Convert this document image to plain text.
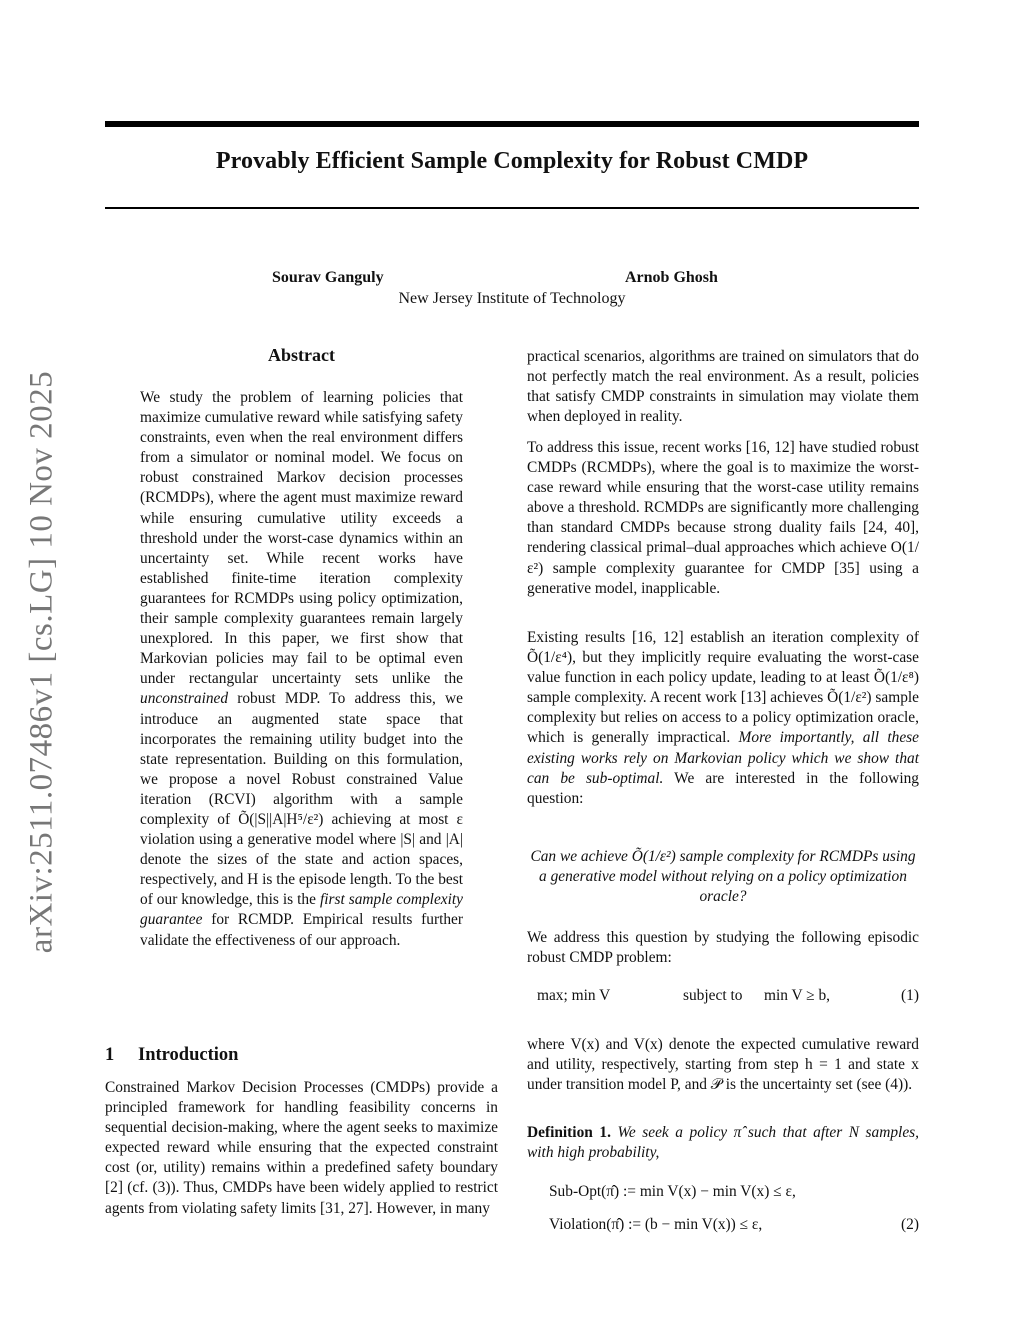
Provably Efficient Sample Complexity for Robust CMDP
Sourav Ganguly	Arnob Ghosh
New Jersey Institute of Technology
arXiv:2511.07486v1 [cs.LG] 10 Nov 2025
Abstract
We study the problem of learning policies that maximize cumulative reward while satisfying safety constraints, even when the real environment differs from a simulator or nominal model. We focus on robust constrained Markov decision processes (RCMDPs), where the agent must maximize reward while ensuring cumulative utility exceeds a threshold under the worst-case dynamics within an uncertainty set. While recent works have established finite-time iteration complexity guarantees for RCMDPs using policy optimization, their sample complexity guarantees remain largely unexplored. In this paper, we first show that Markovian policies may fail to be optimal even under rectangular uncertainty sets unlike the unconstrained robust MDP. To address this, we introduce an augmented state space that incorporates the remaining utility budget into the state representation. Building on this formulation, we propose a novel Robust constrained Value iteration (RCVI) algorithm with a sample complexity of Õ(|S||A|H⁵/ε²) achieving at most ε violation using a generative model where |S| and |A| denote the sizes of the state and action spaces, respectively, and H is the episode length. To the best of our knowledge, this is the first sample complexity guarantee for RCMDP. Empirical results further validate the effectiveness of our approach.
1 Introduction
Constrained Markov Decision Processes (CMDPs) provide a principled framework for handling feasibility concerns in sequential decision-making, where the agent seeks to maximize expected reward while ensuring that the expected constraint cost (or, utility) remains within a predefined safety boundary [2] (cf. (3)). Thus, CMDPs have been widely applied to restrict agents from violating safety limits [31, 27]. However, in many

practical scenarios, algorithms are trained on simulators that do not perfectly match the real environment. As a result, policies that satisfy CMDP constraints in simulation may violate them when deployed in reality.

To address this issue, recent works [16, 12] have studied robust CMDPs (RCMDPs), where the goal is to maximize the worst-case reward while ensuring that the worst-case utility remains above a threshold. RCMDPs are significantly more challenging than standard CMDPs because strong duality fails [24, 40], rendering classical primal–dual approaches which achieve O(1/ε²) sample complexity guarantee for CMDP [35] using a generative model, inapplicable.

Existing results [16, 12] establish an iteration complexity of Õ(1/ε⁴), but they implicitly require evaluating the worst-case value function in each policy update, leading to at least Õ(1/ε⁸) sample complexity. A recent work [13] achieves Õ(1/ε²) sample complexity but relies on access to a policy optimization oracle, which is generally impractical. More importantly, all these existing works rely on Markovian policy which we show that can be sub-optimal. We are interested in the following question:
Can we achieve Õ(1/ε²) sample complexity for RCMDPs using a generative model without relying on a policy optimization oracle?

We address this question by studying the following episodic robust CMDP problem:

max; min V	subject to min V ≥ b,	(1)

where V(x) and V(x) denote the expected cumulative reward and utility, respectively, starting from step h = 1 and state x under transition model P, and 𝒫 is the uncertainty set (see (4)).

Definition 1. We seek a policy π̂ such that after N samples, with high probability,
Sub-Opt(π̂) := min V(x) − min V(x) ≤ ε,
Violation(π̂) := (b − min V(x)) ≤ ε,	(2)
